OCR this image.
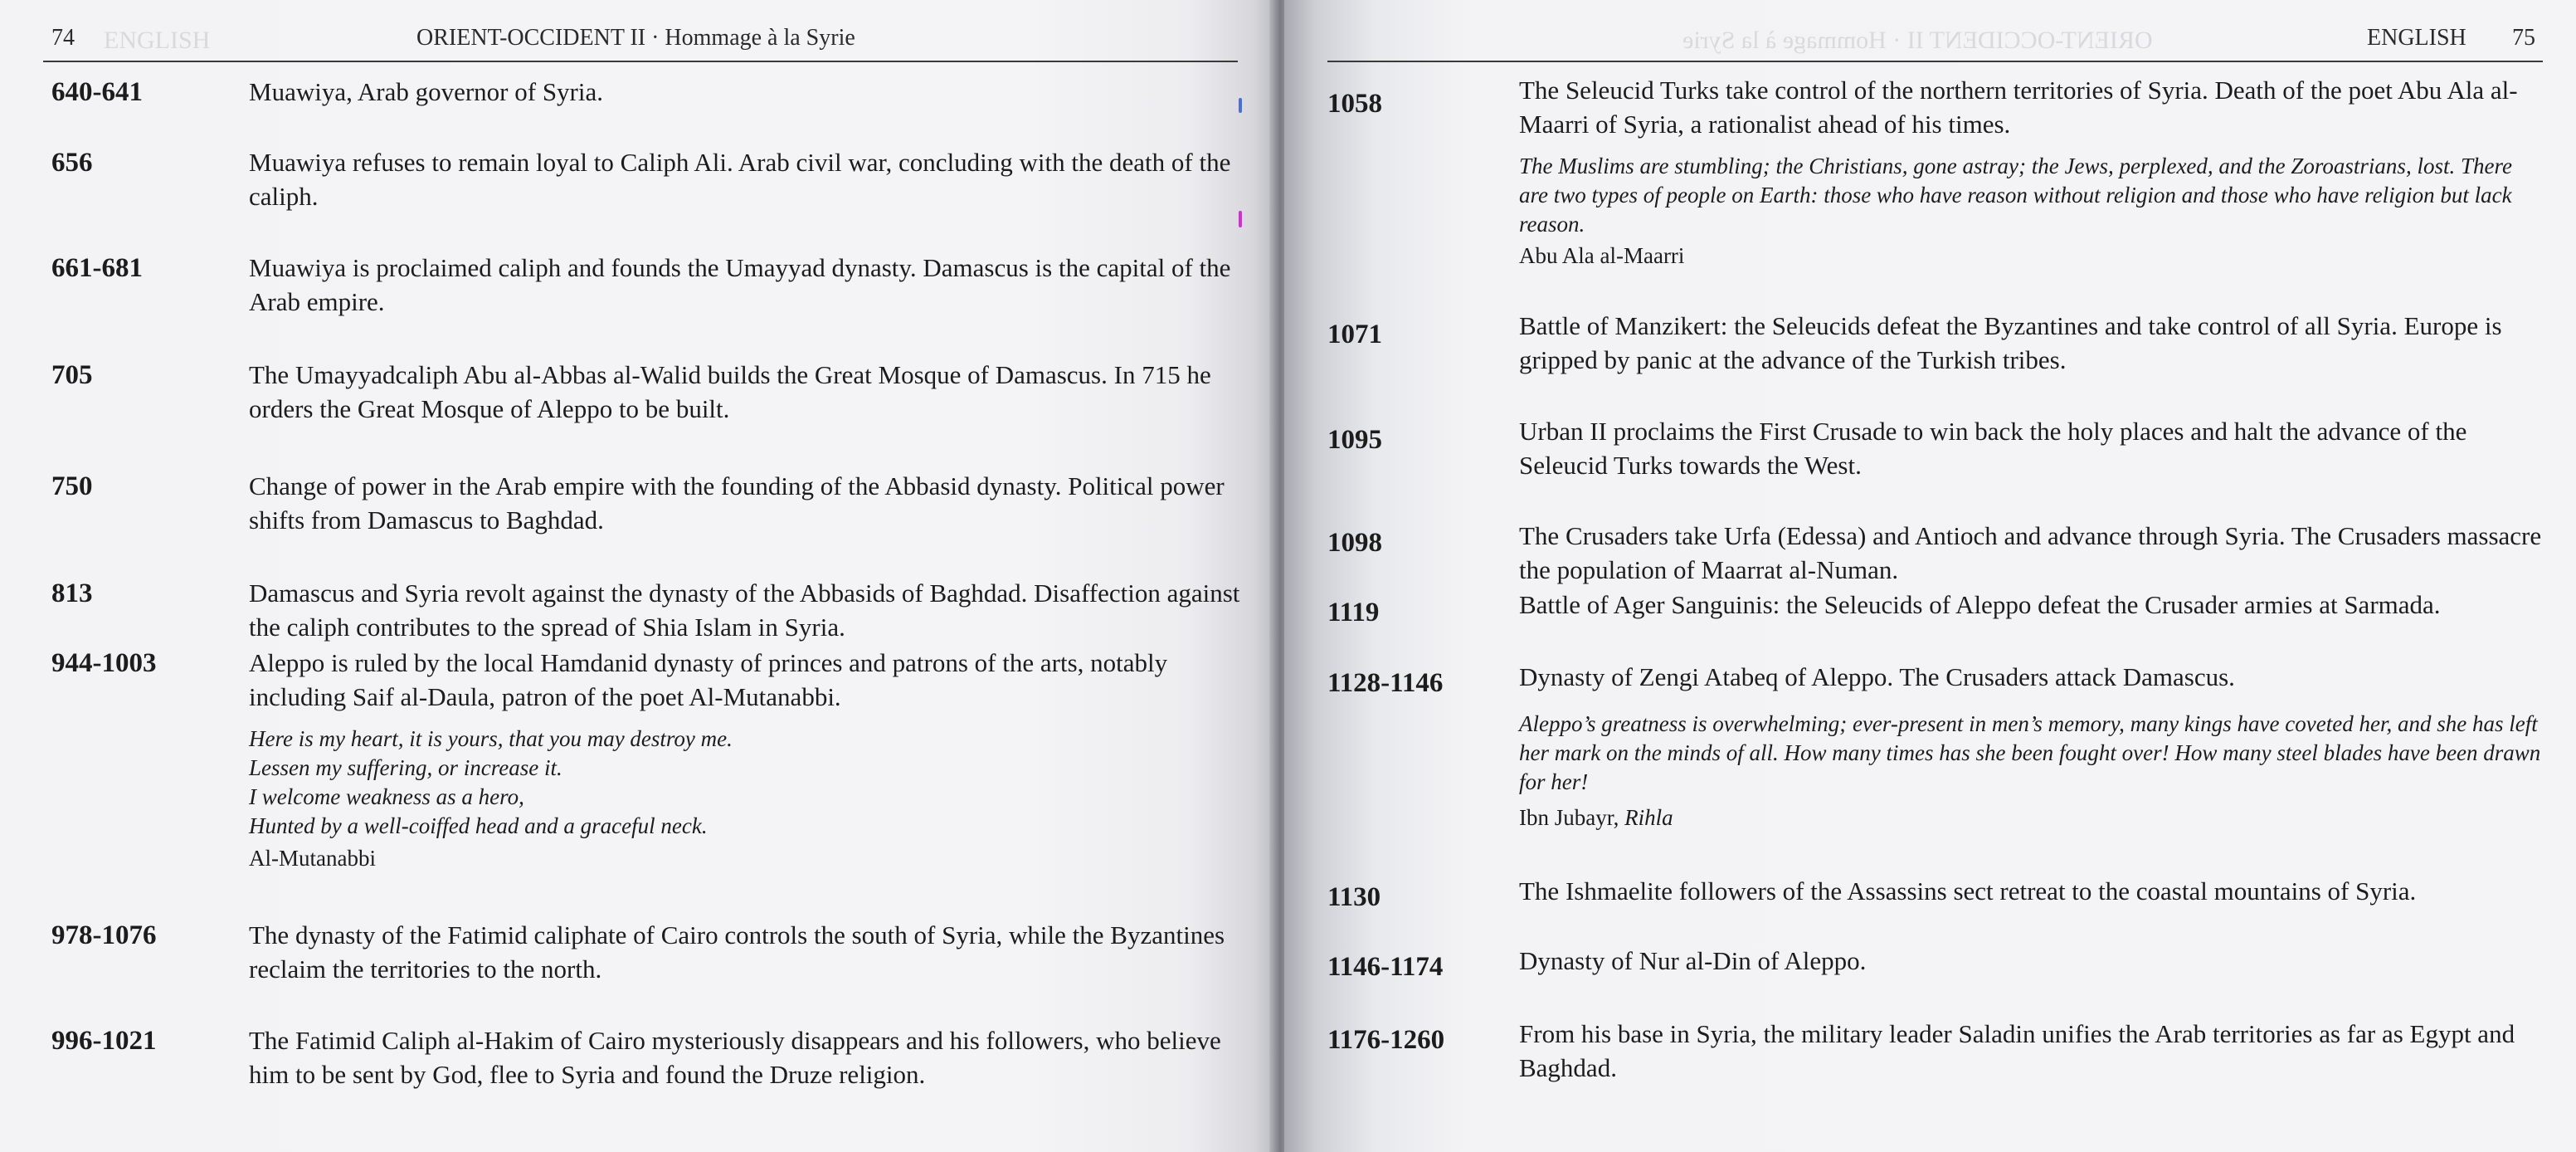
ENGLISH
74	ORIENT-OCCIDENT II · Hommage à la Syrie
640-641	Muawiya, Arab governor of Syria.
656	Muawiya refuses to remain loyal to Caliph Ali. Arab civil war, concluding with the death of the caliph.
661-681	Muawiya is proclaimed caliph and founds the Umayyad dynasty. Damascus is the capital of the Arab empire.
705	The Umayyadcaliph Abu al-Abbas al-Walid builds the Great Mosque of Damascus. In 715 he orders the Great Mosque of Aleppo to be built.
750	Change of power in the Arab empire with the founding of the Abbasid dynasty. Political power shifts from Damascus to Baghdad.
813	Damascus and Syria revolt against the dynasty of the Abbasids of Baghdad. Disaffection against the caliph contributes to the spread of Shia Islam in Syria.
944-1003	Aleppo is ruled by the local Hamdanid dynasty of princes and patrons of the arts, notably including Saif al-Daula, patron of the poet Al-Mutanabbi.
Here is my heart, it is yours, that you may destroy me.
Lessen my suffering, or increase it.
I welcome weakness as a hero,
Hunted by a well-coiffed head and a graceful neck.
Al-Mutanabbi
978-1076	The dynasty of the Fatimid caliphate of Cairo controls the south of Syria, while the Byzantines reclaim the territories to the north.
996-1021	The Fatimid Caliph al-Hakim of Cairo mysteriously disappears and his followers, who believe him to be sent by God, flee to Syria and found the Druze religion.
ORIENT-OCCIDENT II · Hommage à la Syrie	ENGLISH 75
1058	The Seleucid Turks take control of the northern territories of Syria. Death of the poet Abu Ala al-Maarri of Syria, a rationalist ahead of his times.
The Muslims are stumbling; the Christians, gone astray; the Jews, perplexed, and the Zoroastrians, lost. There are two types of people on Earth: those who have reason without religion and those who have religion but lack reason.
Abu Ala al-Maarri
1071	Battle of Manzikert: the Seleucids defeat the Byzantines and take control of all Syria. Europe is gripped by panic at the advance of the Turkish tribes.
1095	Urban II proclaims the First Crusade to win back the holy places and halt the advance of the Seleucid Turks towards the West.
1098	The Crusaders take Urfa (Edessa) and Antioch and advance through Syria. The Crusaders massacre the population of Maarrat al-Numan.
1119	Battle of Ager Sanguinis: the Seleucids of Aleppo defeat the Crusader armies at Sarmada.
1128-1146	Dynasty of Zengi Atabeq of Aleppo. The Crusaders attack Damascus.
Aleppo’s greatness is overwhelming; ever-present in men’s memory, many kings have coveted her, and she has left her mark on the minds of all. How many times has she been fought over! How many steel blades have been drawn for her!
Ibn Jubayr, Rihla
1130	The Ishmaelite followers of the Assassins sect retreat to the coastal mountains of Syria.
1146-1174	Dynasty of Nur al-Din of Aleppo.
1176-1260	From his base in Syria, the military leader Saladin unifies the Arab territories as far as Egypt and Baghdad.
